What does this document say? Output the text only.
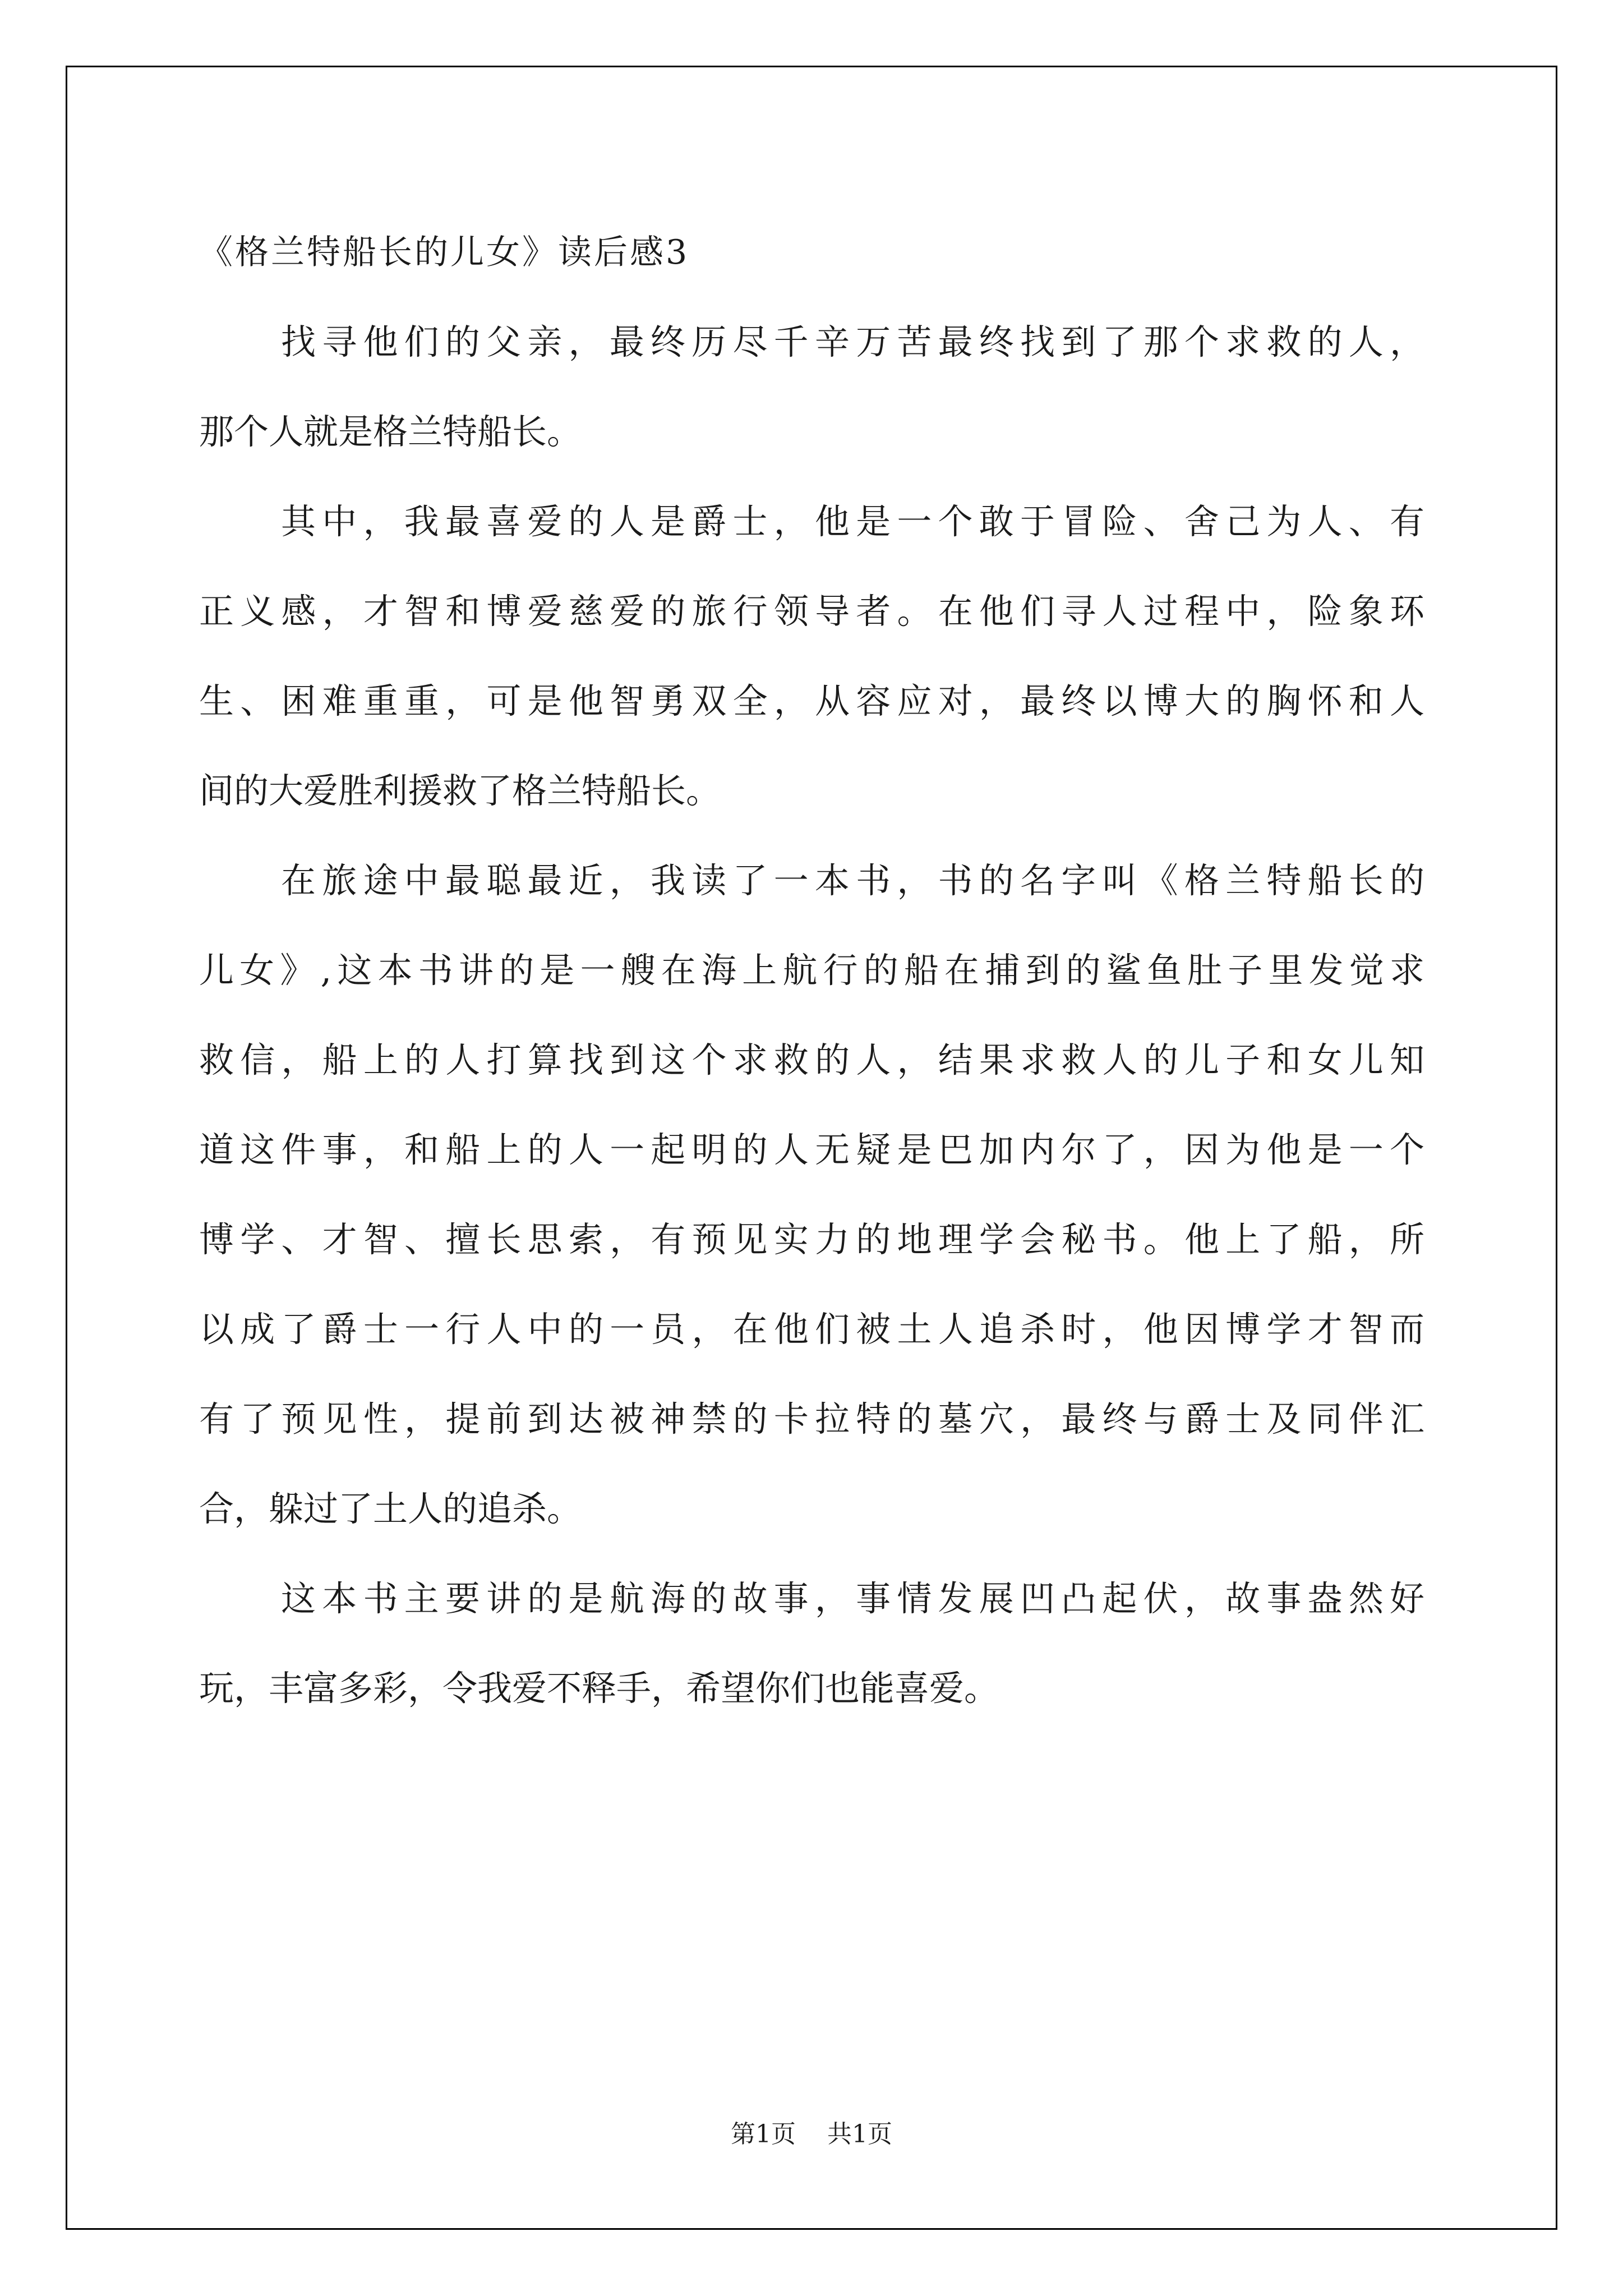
《格兰特船长的儿女》读后感3
找寻他们的父亲，最终历尽千辛万苦最终找到了那个求救的人，
那个人就是格兰特船长。
其中，我最喜爱的人是爵士，他是一个敢于冒险、舍己为人、有
正义感，才智和博爱慈爱的旅行领导者。在他们寻人过程中，险象环
生、困难重重，可是他智勇双全，从容应对，最终以博大的胸怀和人
间的大爱胜利援救了格兰特船长。
在旅途中最聪最近，我读了一本书，书的名字叫《格兰特船长的
儿女》,这本书讲的是一艘在海上航行的船在捕到的鲨鱼肚子里发觉求
救信，船上的人打算找到这个求救的人，结果求救人的儿子和女儿知
道这件事，和船上的人一起明的人无疑是巴加内尔了，因为他是一个
博学、才智、擅长思索，有预见实力的地理学会秘书。他上了船，所
以成了爵士一行人中的一员，在他们被土人追杀时，他因博学才智而
有了预见性，提前到达被神禁的卡拉特的墓穴，最终与爵士及同伴汇
合，躲过了土人的追杀。
这本书主要讲的是航海的故事，事情发展凹凸起伏，故事盎然好
玩，丰富多彩，令我爱不释手，希望你们也能喜爱。
第1页 共1页
